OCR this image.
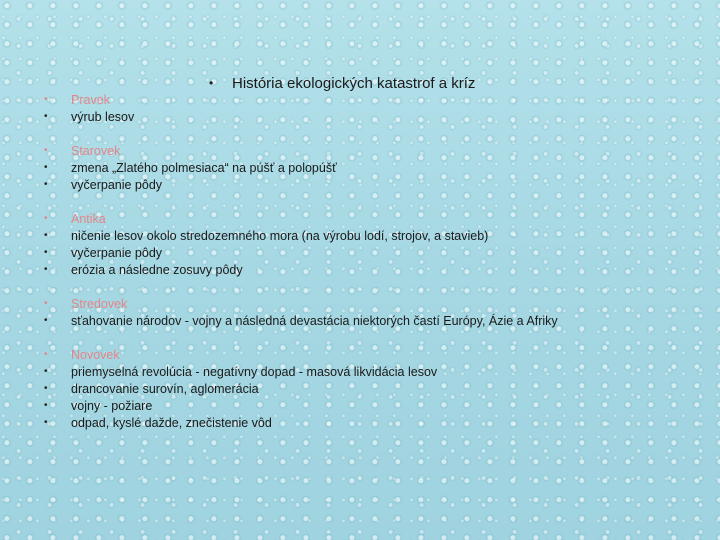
•	História ekologických katastrof a kríz
•	Pravek
•	výrub lesov
•	Starovek
•	zmena „Zlatého polmesiaca“ na púšť a polopúšť
•	vyčerpanie pôdy
•	Antika
•	ničenie lesov okolo stredozemného mora (na výrobu lodí, strojov, a stavieb)
•	vyčerpanie pôdy
•	erózia a následne zosuvy pôdy
•	Stredovek
•	sťahovanie národov - vojny a následná devastácia niektorých častí Európy, Ázie a Afriky
•	Novovek
•	priemyselná revolúcia - negatívny dopad - masová likvidácia lesov
•	drancovanie surovín, aglomerácia
•	vojny - požiare
•	odpad, kyslé dažde, znečistenie vôd
